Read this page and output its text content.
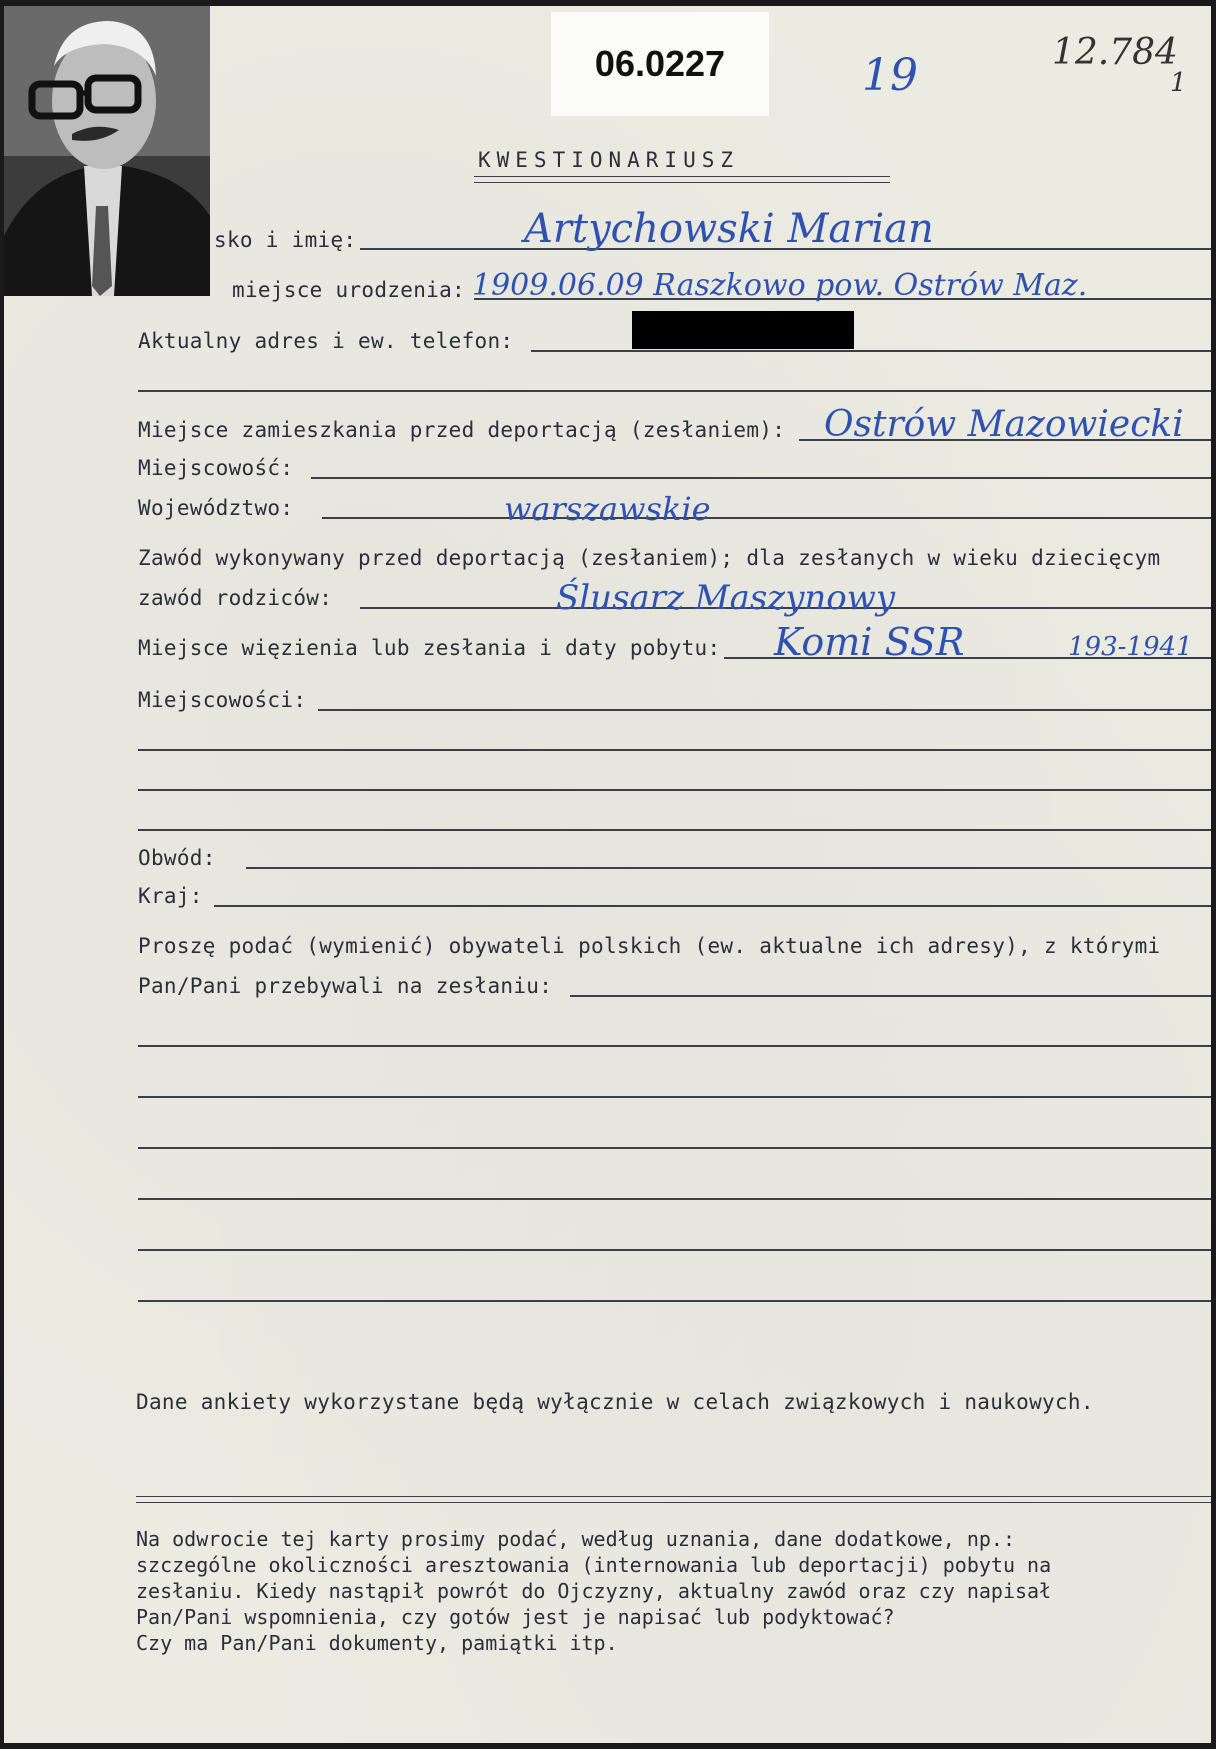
06.0227	19	12.784
1
KWESTIONARIUSZ
sko i imię:	Artychowski Marian
miejsce urodzenia: 1909.06.09 Raszkowo pow. Ostrów Maz.
Aktualny adres i ew. telefon:
Miejsce zamieszkania przed deportacją (zesłaniem): Ostrów Mazowiecki
Miejscowość:
Województwo:	warszawskie
Zawód wykonywany przed deportacją (zesłaniem); dla zesłanych w wieku dziecięcym
zawód rodziców:	Ślusarz Maszynowy
Miejsce więzienia lub zesłania i daty pobytu: Komi SSR	193-1941
Miejscowości:
Obwód:
Kraj:
Proszę podać (wymienić) obywateli polskich (ew. aktualne ich adresy), z którymi
Pan/Pani przebywali na zesłaniu:
Dane ankiety wykorzystane będą wyłącznie w celach związkowych i naukowych.
Na odwrocie tej karty prosimy podać, według uznania, dane dodatkowe, np.:
szczególne okoliczności aresztowania (internowania lub deportacji) pobytu na
zesłaniu. Kiedy nastąpił powrót do Ojczyzny, aktualny zawód oraz czy napisał
Pan/Pani wspomnienia, czy gotów jest je napisać lub podyktować?
Czy ma Pan/Pani dokumenty, pamiątki itp.
